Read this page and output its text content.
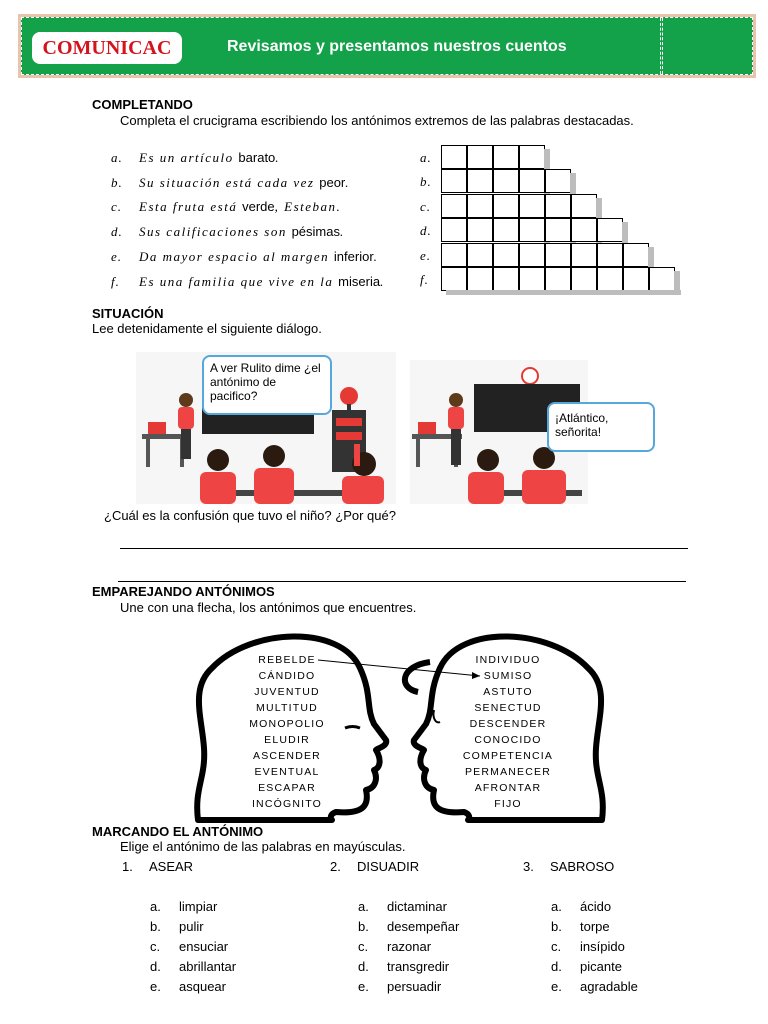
COMUNICAC	Revisamos y presentamos nuestros cuentos
COMPLETANDO
Completa el crucigrama escribiendo los antónimos extremos de las palabras destacadas.
a. Es un artículo barato.
b. Su situación está cada vez peor.
c. Esta fruta está verde, Esteban.
d. Sus calificaciones son pésimas.
e. Da mayor espacio al margen inferior.
f. Es una familia que vive en la miseria.
a.
b.
c.
d.
e.
f.
SITUACIÓN
Lee detenidamente el siguiente diálogo.
A ver Rulito dime ¿el antónimo de pacifico?
¡Atlántico, señorita!
¿Cuál es la confusión que tuvo el niño? ¿Por qué?
EMPAREJANDO ANTÓNIMOS
Une con una flecha, los antónimos que encuentres.
REBELDE
CÁNDIDO
JUVENTUD
MULTITUD
MONOPOLIO
ELUDIR
ASCENDER
EVENTUAL
ESCAPAR
INCÓGNITO
INDIVIDUO
SUMISO
ASTUTO
SENECTUD
DESCENDER
CONOCIDO
COMPETENCIA
PERMANECER
AFRONTAR
FIJO
MARCANDO EL ANTÓNIMO
Elige el antónimo de las palabras en mayúsculas.
1. ASEAR
a. limpiar
b. pulir
c. ensuciar
d. abrillantar
e. asquear
2. DISUADIR
a. dictaminar
b. desempeñar
c. razonar
d. transgredir
e. persuadir
3. SABROSO
a. ácido
b. torpe
c. insípido
d. picante
e. agradable
